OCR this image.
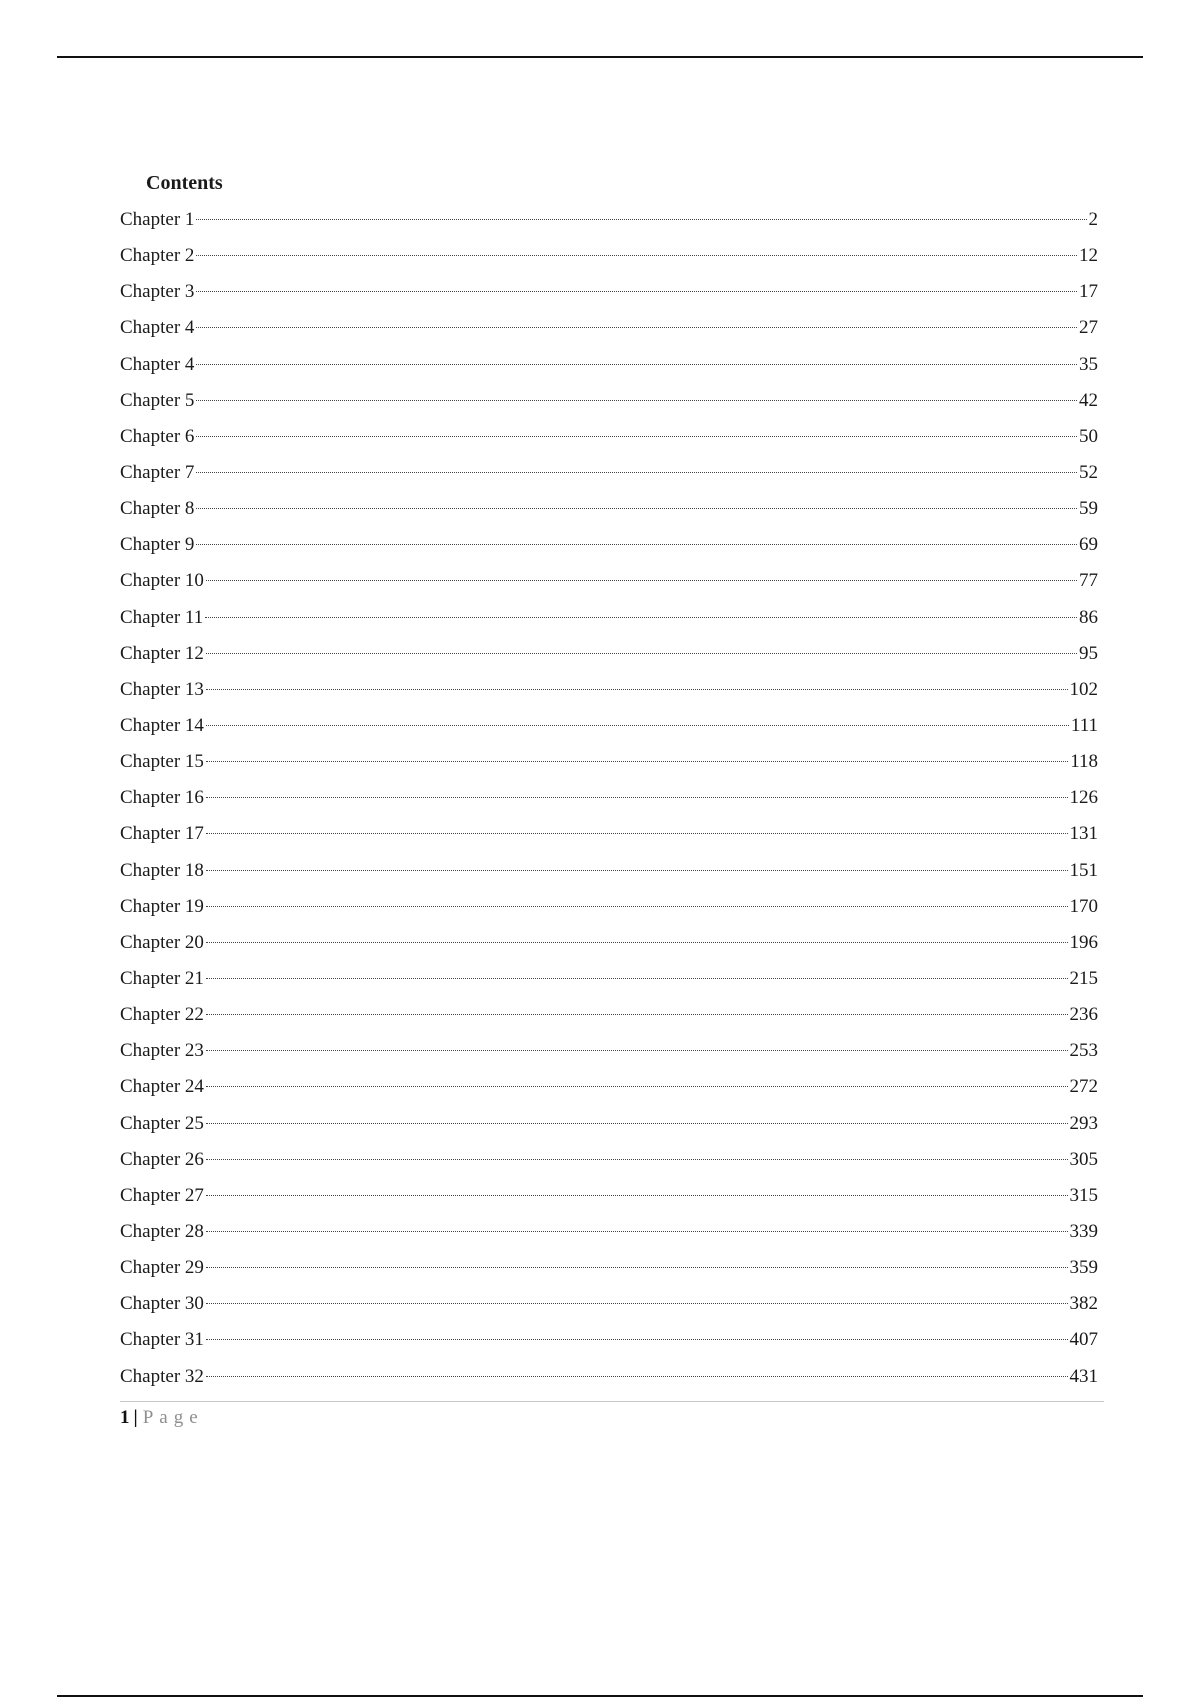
Contents
Chapter 1	2
Chapter 2	12
Chapter 3	17
Chapter 4	27
Chapter 4	35
Chapter 5	42
Chapter 6	50
Chapter 7	52
Chapter 8	59
Chapter 9	69
Chapter 10	77
Chapter 11	86
Chapter 12	95
Chapter 13	102
Chapter 14	111
Chapter 15	118
Chapter 16	126
Chapter 17	131
Chapter 18	151
Chapter 19	170
Chapter 20	196
Chapter 21	215
Chapter 22	236
Chapter 23	253
Chapter 24	272
Chapter 25	293
Chapter 26	305
Chapter 27	315
Chapter 28	339
Chapter 29	359
Chapter 30	382
Chapter 31	407
Chapter 32	431
1 | Page
